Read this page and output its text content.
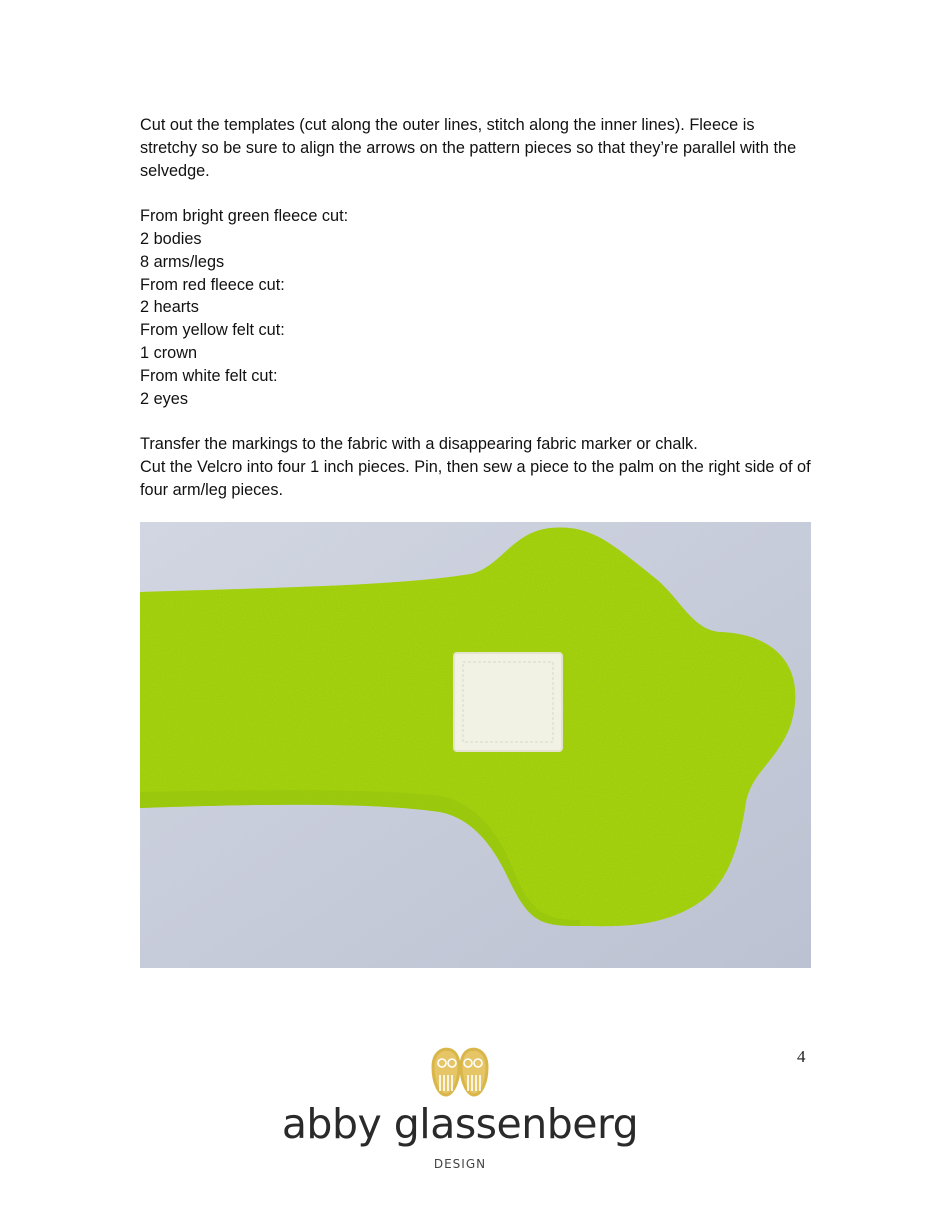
Cut out the templates (cut along the outer lines, stitch along the inner lines). Fleece is stretchy so be sure to align the arrows on the pattern pieces so that they’re parallel with the selvedge.

From bright green fleece cut:

2 bodies

8 arms/legs

From red fleece cut:

2 hearts

From yellow felt cut:

1 crown

From white felt cut:

2 eyes

Transfer the markings to the fabric with a disappearing fabric marker or chalk.

Cut the Velcro into four 1 inch pieces. Pin, then sew a piece to the palm on the right side of of four arm/leg pieces.

4
abby glassenberg
DESIGN
